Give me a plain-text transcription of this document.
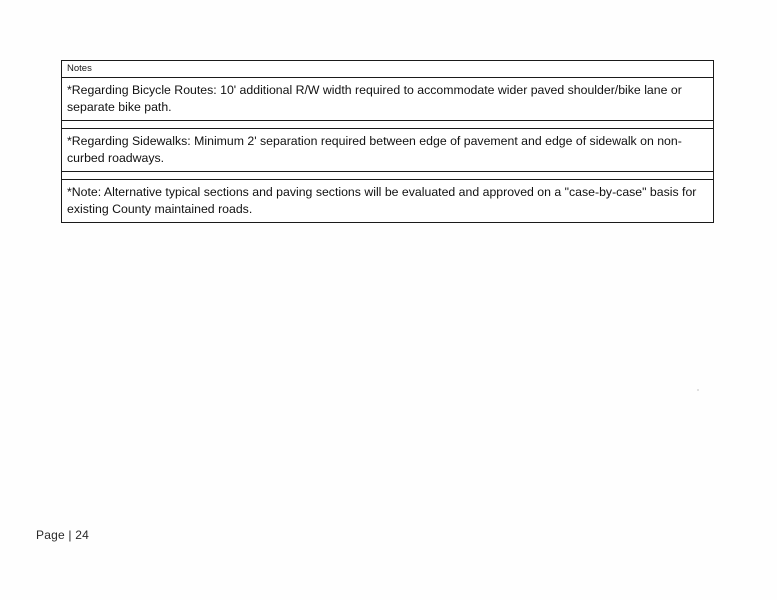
Notes
*Regarding Bicycle Routes: 10' additional R/W width required to accommodate wider paved shoulder/bike lane or separate bike path.
*Regarding Sidewalks: Minimum 2' separation required between edge of pavement and edge of sidewalk on non-curbed roadways.
*Note: Alternative typical sections and paving sections will be evaluated and approved on a "case-by-case" basis for existing County maintained roads.
Page | 24
